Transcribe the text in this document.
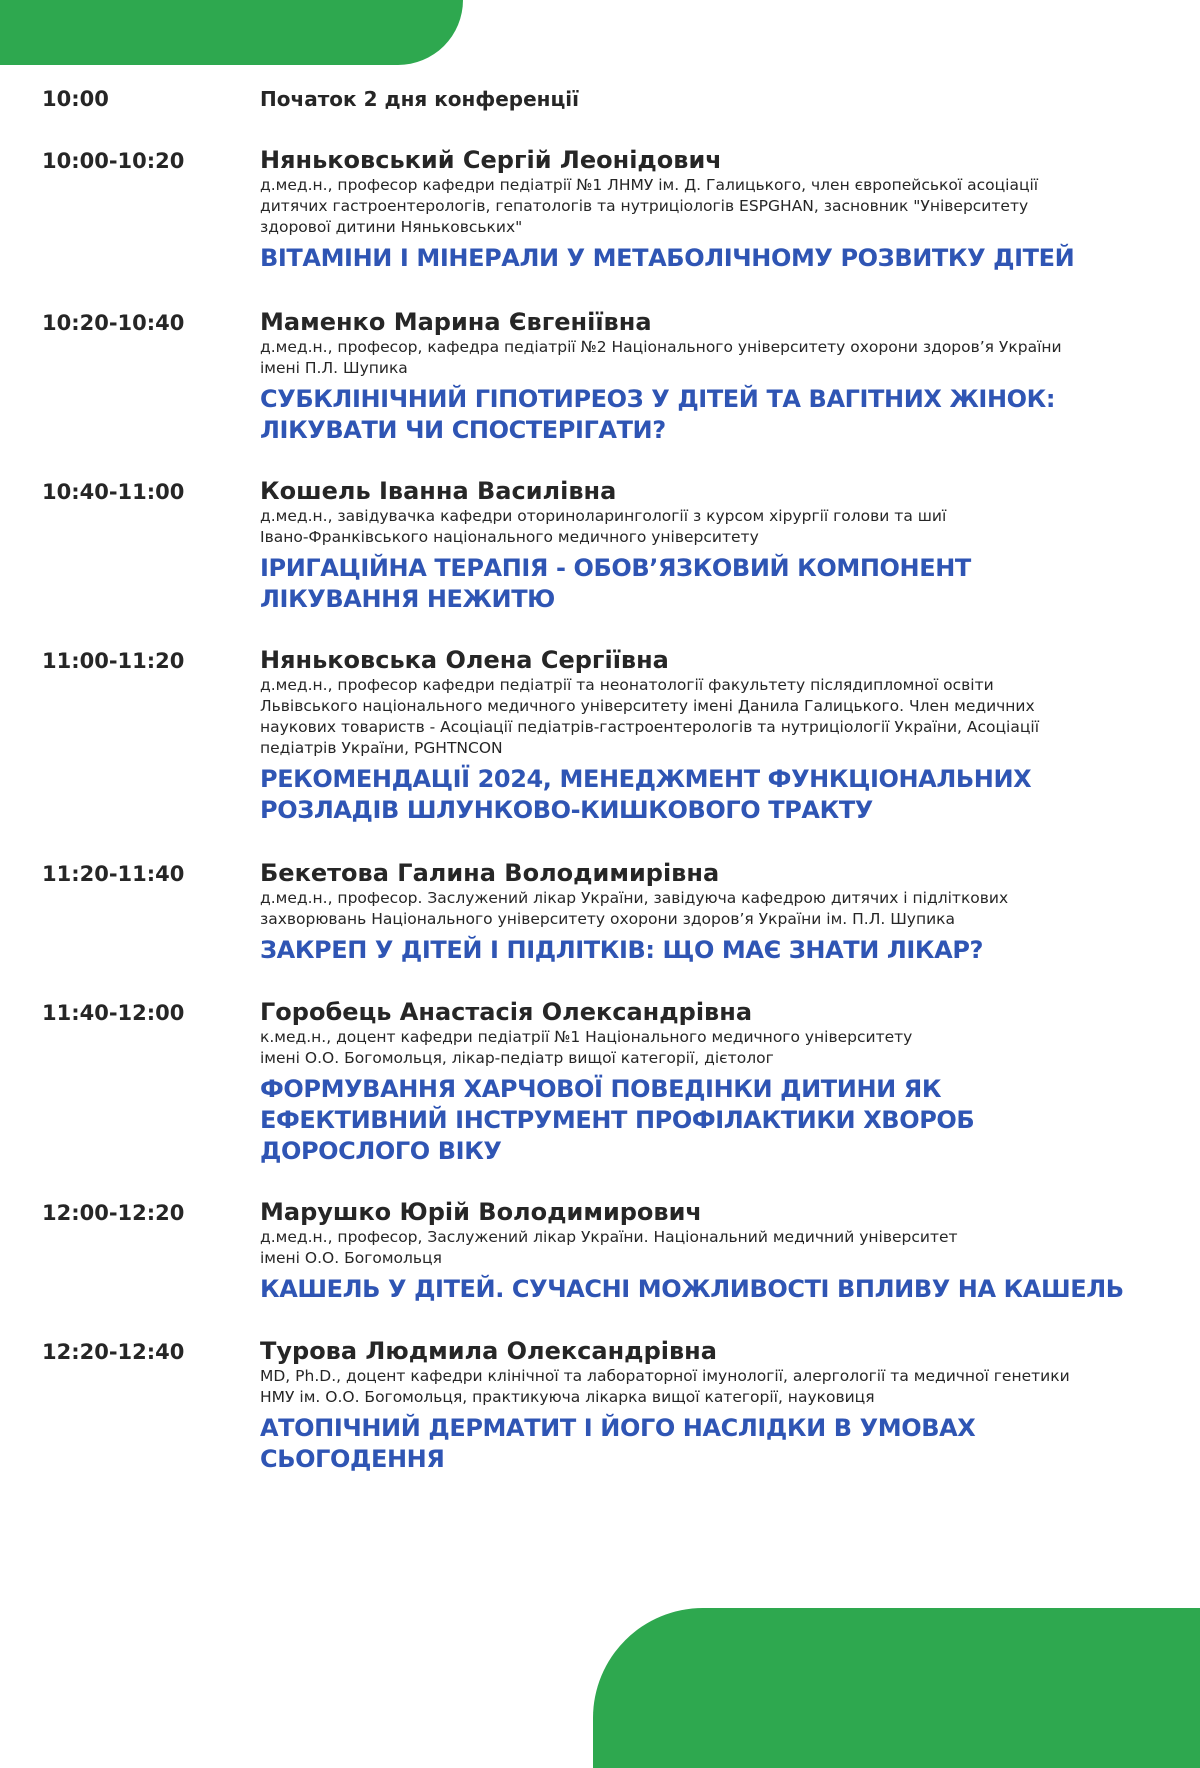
10:00	Початок 2 дня конференції
10:00-10:20	Няньковський Сергій Леонідович
д.мед.н., професор кафедри педіатрії №1 ЛНМУ ім. Д. Галицького, член європейської асоціації
дитячих гастроентерологів, гепатологів та нутриціологів ESPGHAN, засновник "Університету
здорової дитини Няньковських"
ВІТАМІНИ І МІНЕРАЛИ У МЕТАБОЛІЧНОМУ РОЗВИТКУ ДІТЕЙ
10:20-10:40	Маменко Марина Євгеніївна
д.мед.н., професор, кафедра педіатрії №2 Національного університету охорони здоров’я України
імені П.Л. Шупика
СУБКЛІНІЧНИЙ ГІПОТИРЕОЗ У ДІТЕЙ ТА ВАГІТНИХ ЖІНОК:
ЛІКУВАТИ ЧИ СПОСТЕРІГАТИ?
10:40-11:00	Кошель Іванна Василівна
д.мед.н., завідувачка кафедри оториноларингології з курсом хірургії голови та шиї
Івано-Франківського національного медичного університету
ІРИГАЦІЙНА ТЕРАПІЯ - ОБОВ’ЯЗКОВИЙ КОМПОНЕНТ
ЛІКУВАННЯ НЕЖИТЮ
11:00-11:20	Няньковська Олена Сергіївна
д.мед.н., професор кафедри педіатрії та неонатології факультету післядипломної освіти
Львівського національного медичного університету імені Данила Галицького. Член медичних
наукових товариств - Асоціації педіатрів-гастроентерологів та нутриціології України, Асоціації
педіатрів України, PGHTNCON
РЕКОМЕНДАЦІЇ 2024, МЕНЕДЖМЕНТ ФУНКЦІОНАЛЬНИХ
РОЗЛАДІВ ШЛУНКОВО-КИШКОВОГО ТРАКТУ
11:20-11:40	Бекетова Галина Володимирівна
д.мед.н., професор. Заслужений лікар України, завідуюча кафедрою дитячих і підліткових
захворювань Національного університету охорони здоров’я України ім. П.Л. Шупика
ЗАКРЕП У ДІТЕЙ І ПІДЛІТКІВ: ЩО МАЄ ЗНАТИ ЛІКАР?
11:40-12:00	Горобець Анастасія Олександрівна
к.мед.н., доцент кафедри педіатрії №1 Національного медичного університету
імені О.О. Богомольця, лікар-педіатр вищої категорії, дієтолог
ФОРМУВАННЯ ХАРЧОВОЇ ПОВЕДІНКИ ДИТИНИ ЯК
ЕФЕКТИВНИЙ ІНСТРУМЕНТ ПРОФІЛАКТИКИ ХВОРОБ
ДОРОСЛОГО ВІКУ
12:00-12:20	Марушко Юрій Володимирович
д.мед.н., професор, Заслужений лікар України. Національний медичний університет
імені О.О. Богомольця
КАШЕЛЬ У ДІТЕЙ. СУЧАСНІ МОЖЛИВОСТІ ВПЛИВУ НА КАШЕЛЬ
12:20-12:40	Турова Людмила Олександрівна
MD, Ph.D., доцент кафедри клінічної та лабораторної імунології, алергології та медичної генетики
НМУ ім. О.О. Богомольця, практикуюча лікарка вищої категорії, науковиця
АТОПІЧНИЙ ДЕРМАТИТ І ЙОГО НАСЛІДКИ В УМОВАХ
СЬОГОДЕННЯ
